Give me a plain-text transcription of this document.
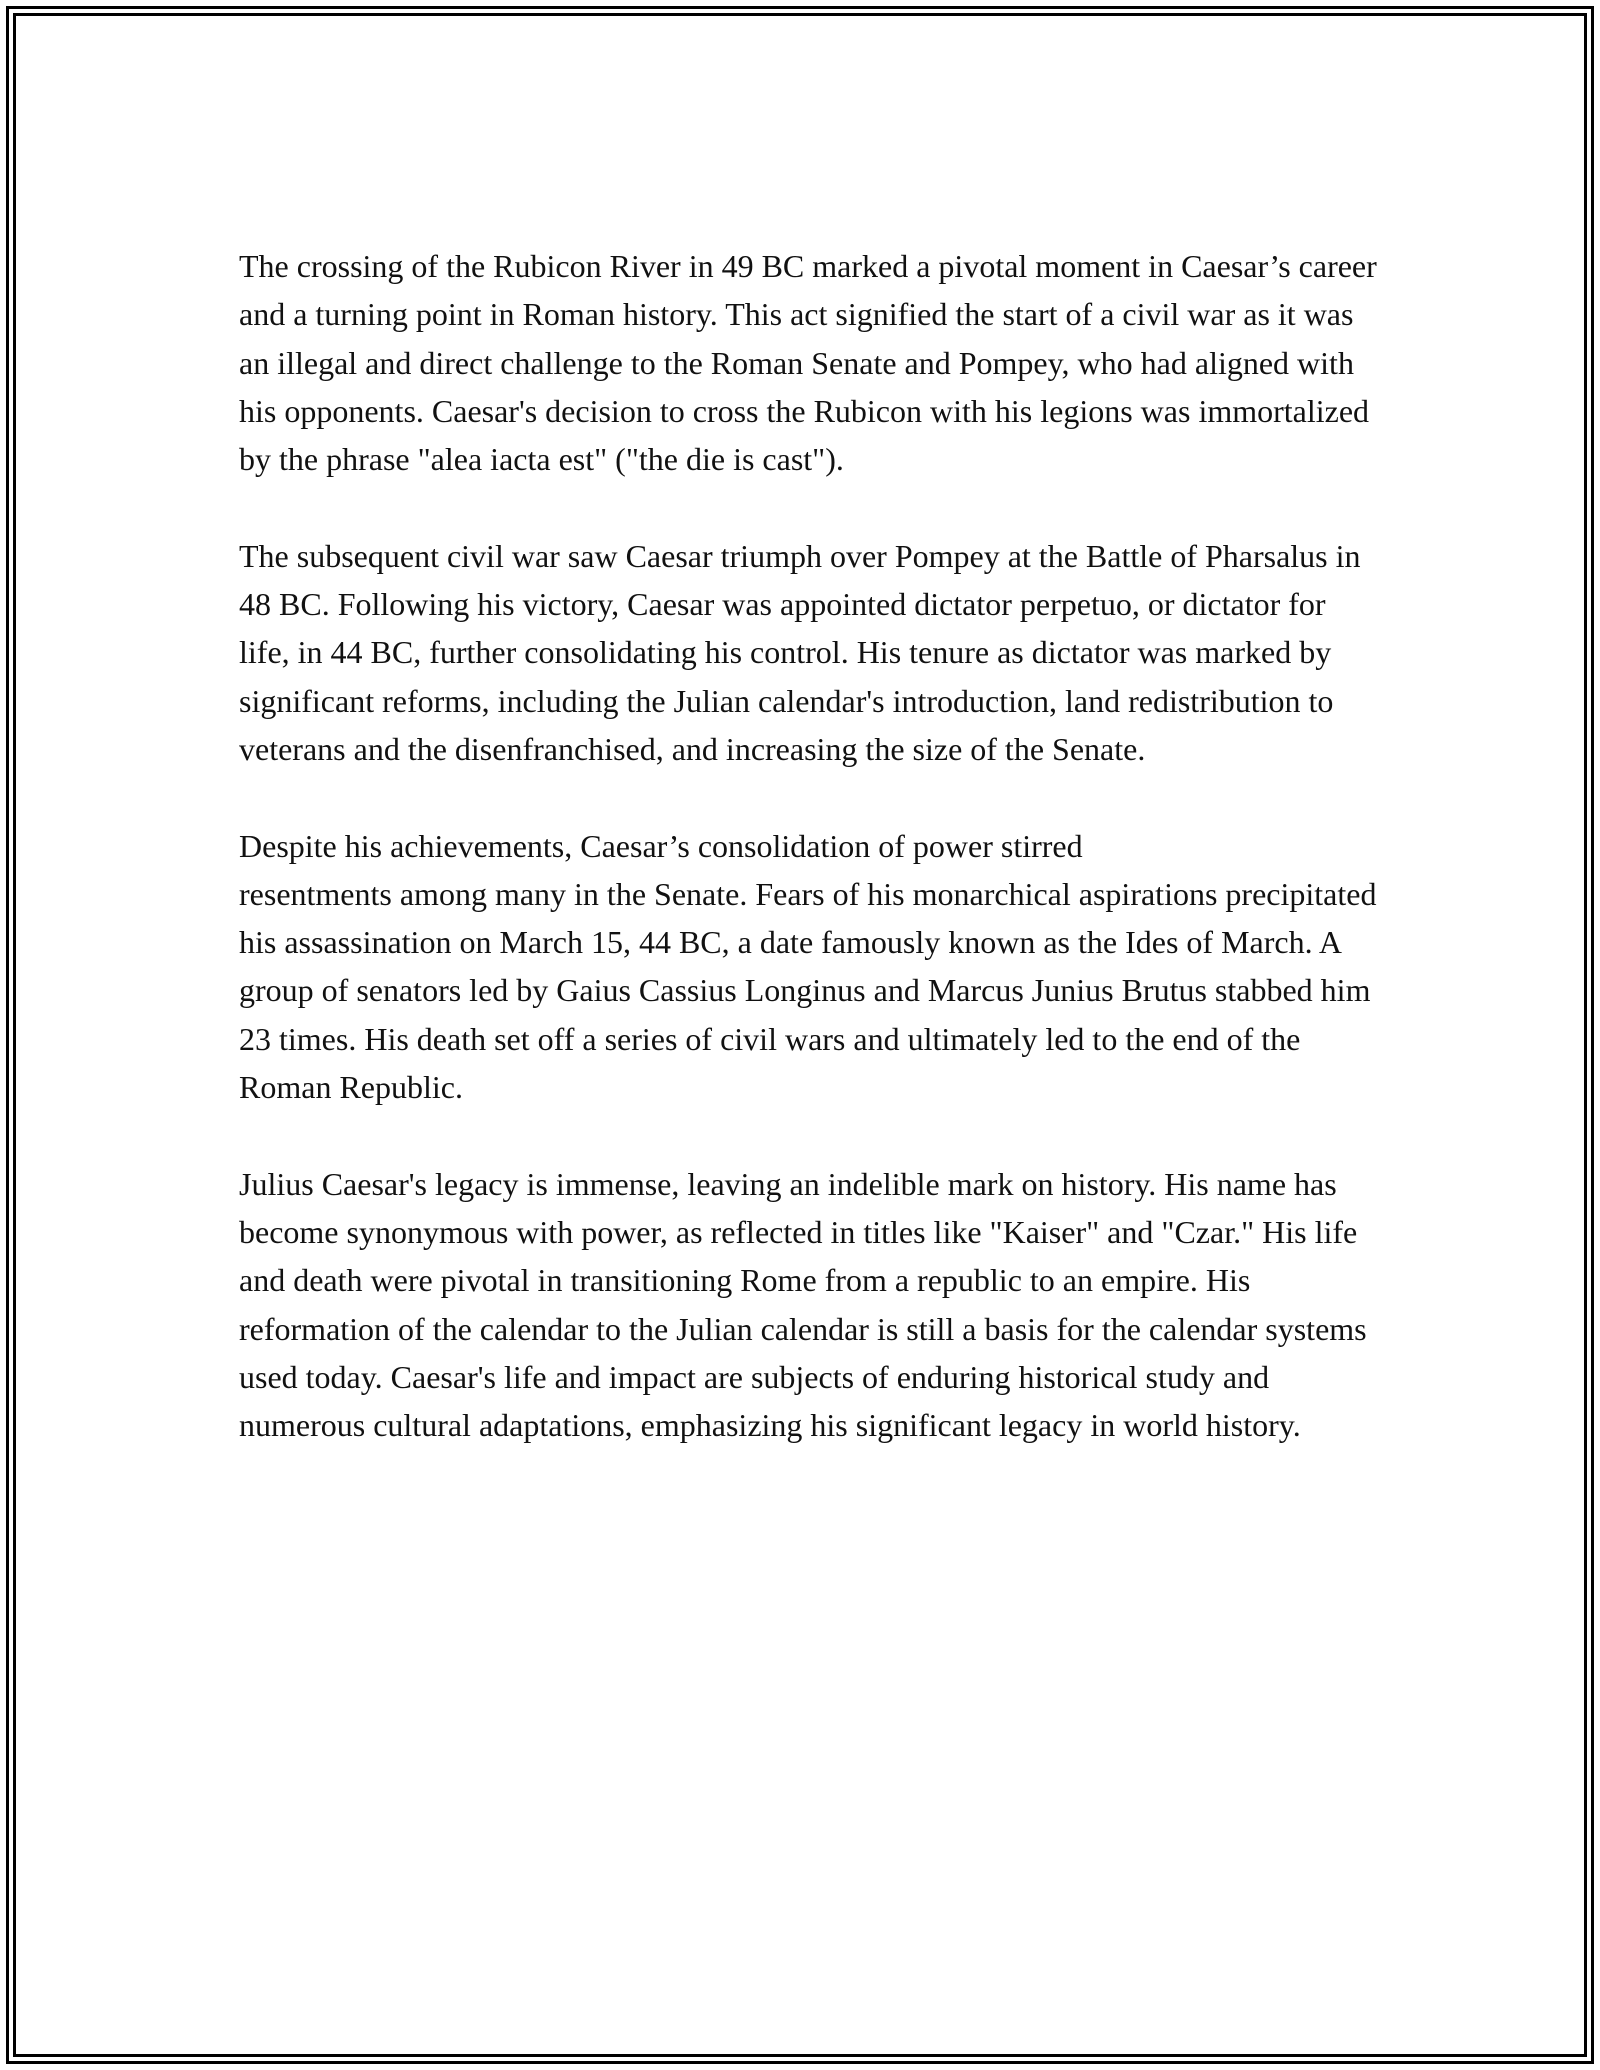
The crossing of the Rubicon River in 49 BC marked a pivotal moment in Caesar’s career and a turning point in Roman history. This act signified the start of a civil war as it was an illegal and direct challenge to the Roman Senate and Pompey, who had aligned with his opponents. Caesar's decision to cross the Rubicon with his legions was immortalized by the phrase "alea iacta est" ("the die is cast").

The subsequent civil war saw Caesar triumph over Pompey at the Battle of Pharsalus in 48 BC. Following his victory, Caesar was appointed dictator perpetuo, or dictator for life, in 44 BC, further consolidating his control. His tenure as dictator was marked by significant reforms, including the Julian calendar's introduction, land redistribution to veterans and the disenfranchised, and increasing the size of the Senate.

Despite his achievements, Caesar’s consolidation of power stirred
resentments among many in the Senate. Fears of his monarchical aspirations precipitated his assassination on March 15, 44 BC, a date famously known as the Ides of March. A group of senators led by Gaius Cassius Longinus and Marcus Junius Brutus stabbed him 23 times. His death set off a series of civil wars and ultimately led to the end of the Roman Republic.

Julius Caesar's legacy is immense, leaving an indelible mark on history. His name has become synonymous with power, as reflected in titles like "Kaiser" and "Czar." His life and death were pivotal in transitioning Rome from a republic to an empire. His reformation of the calendar to the Julian calendar is still a basis for the calendar systems used today. Caesar's life and impact are subjects of enduring historical study and numerous cultural adaptations, emphasizing his significant legacy in world history.
